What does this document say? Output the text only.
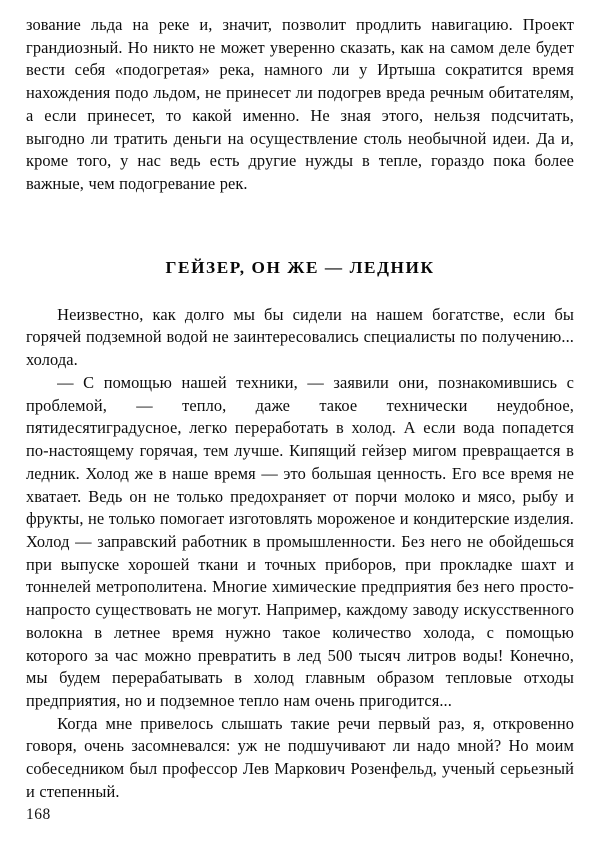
зование льда на реке и, значит, позволит продлить навигацию. Проект грандиозный. Но никто не может уверенно сказать, как на самом деле будет вести себя «подогретая» река, намного ли у Иртыша сократится время нахождения подо льдом, не принесет ли подогрев вреда речным обитателям, а если принесет, то какой именно. Не зная этого, нельзя подсчитать, выгодно ли тратить деньги на осуществление столь необычной идеи. Да и, кроме того, у нас ведь есть другие нужды в тепле, гораздо пока более важные, чем подогревание рек.

ГЕЙЗЕР, ОН ЖЕ — ЛЕДНИК

Неизвестно, как долго мы бы сидели на нашем богатстве, если бы горячей подземной водой не заинтересовались специалисты по получению... холода.

— С помощью нашей техники, — заявили они, познакомившись с проблемой, — тепло, даже такое технически неудобное, пятидесятиградусное, легко переработать в холод. А если вода попадется по-настоящему горячая, тем лучше. Кипящий гейзер мигом превращается в ледник. Холод же в наше время — это большая ценность. Его все время не хватает. Ведь он не только предохраняет от порчи молоко и мясо, рыбу и фрукты, не только помогает изготовлять мороженое и кондитерские изделия. Холод — заправский работник в промышленности. Без него не обойдешься при выпуске хорошей ткани и точных приборов, при прокладке шахт и тоннелей метрополитена. Многие химические предприятия без него просто-напросто существовать не могут. Например, каждому заводу искусственного волокна в летнее время нужно такое количество холода, с помощью которого за час можно превратить в лед 500 тысяч литров воды! Конечно, мы будем перерабатывать в холод главным образом тепловые отходы предприятия, но и подземное тепло нам очень пригодится...

Когда мне привелось слышать такие речи первый раз, я, откровенно говоря, очень засомневался: уж не подшучивают ли надо мной? Но моим собеседником был профессор Лев Маркович Розенфельд, ученый серьезный и степенный.

168
